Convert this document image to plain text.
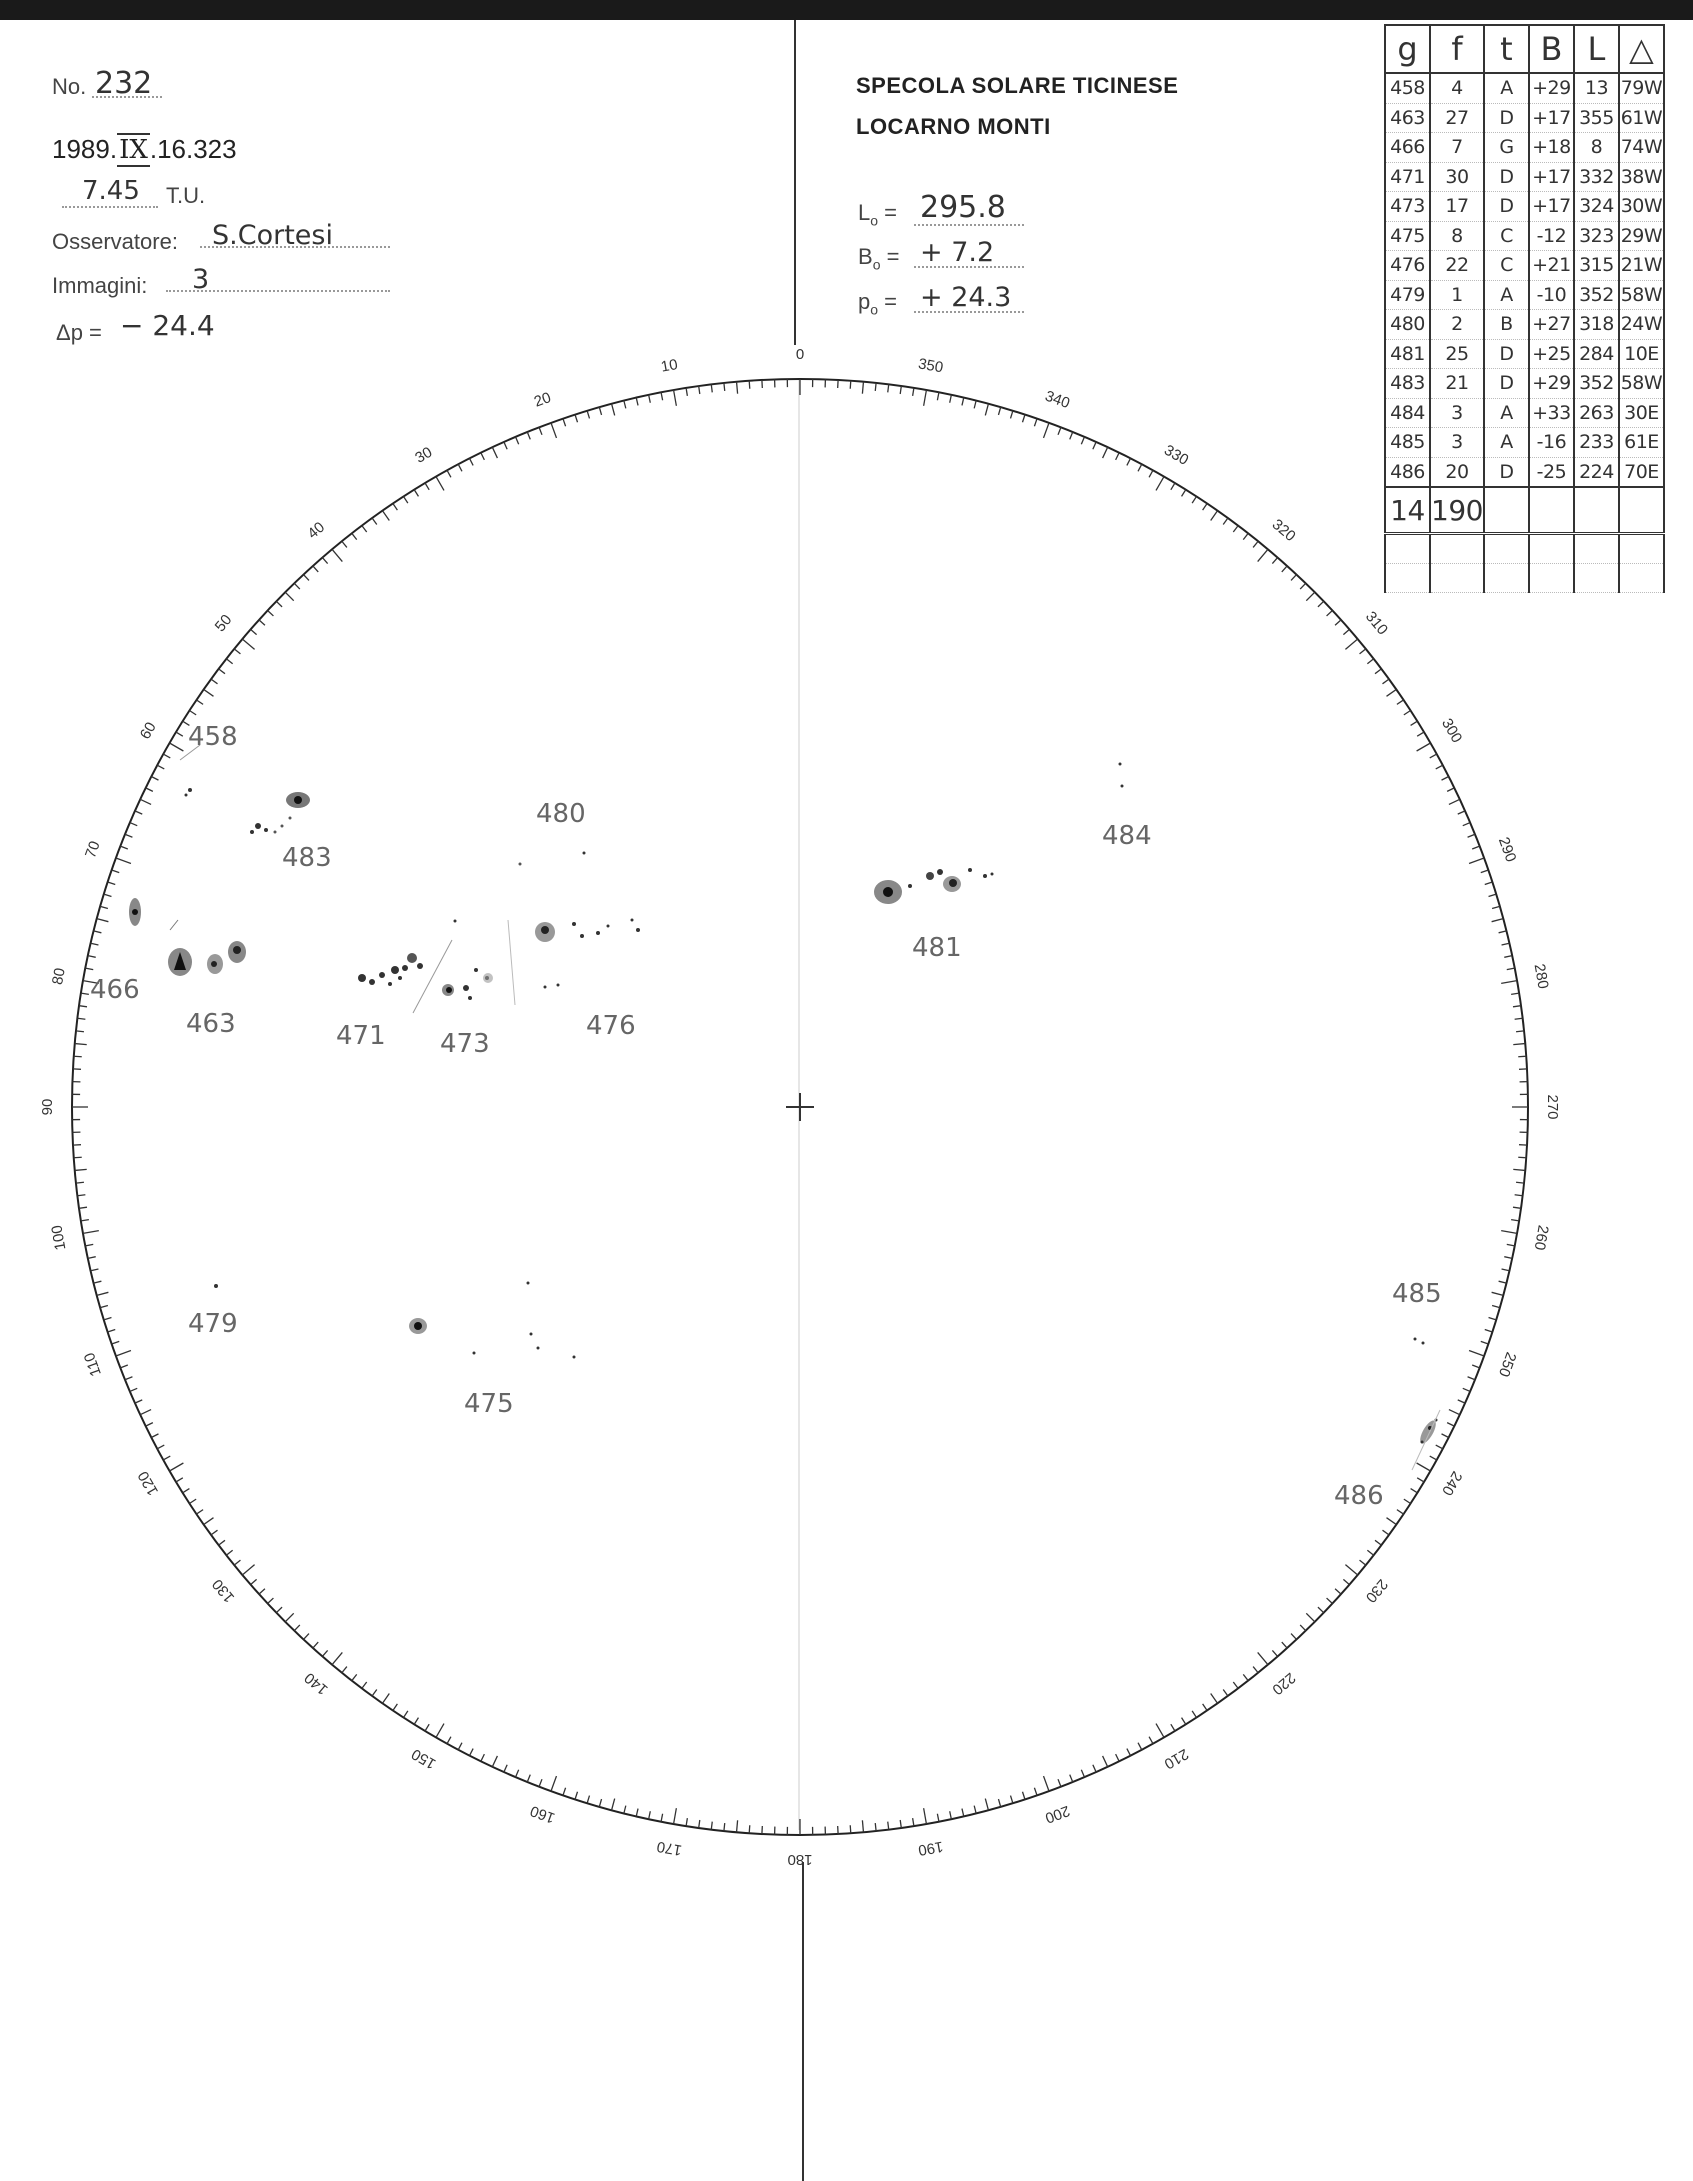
No. 232
1989.IX.16.323
7.45 T.U.
Osservatore: S.Cortesi
Immagini: 3
Δp = − 24.4
SPECOLA SOLARE TICINESE
LOCARNO MONTI
$L_o = 295.8$
$B_o$ = + 7.2
$p_o$ = + 24.3
g	f	t	B	L	△
458	4	A	+29	13	79W
463	27	D	+17	355	61W
466	7	G	+18	8	74W
471	30	D	+17	332	38W
473	17	D	+17	324	30W
475	8	C	-12	323	29W
476	22	C	+21	315	21W
479	1	A	-10	352	58W
480	2	B	+27	318	24W
481	25	D	+25	284	10E
483	21	D	+29	352	58W
484	3	A	+33	263	30E
485	3	A	-16	233	61E
486	20	D	-25	224	70E
14	190				

0
10
20
30
40
50
60
70
80
90
100
110
120
130
140
150
160
170
180
190
200
210
220
230
240
250
260
270
280
290
300
310
320
330
340
350
458
483
480
466
463	471 473
476
481
484
479
475
485
486
